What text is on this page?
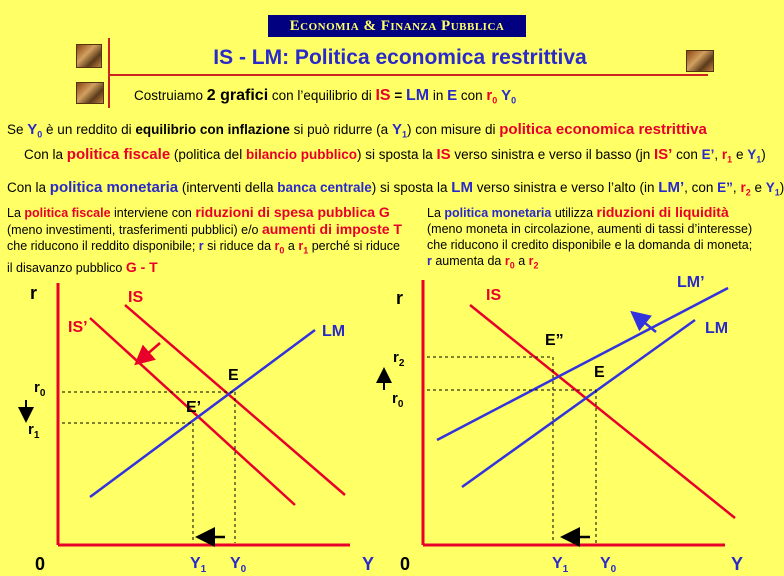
Economia & Finanza Pubblica
IS - LM: Politica economica restrittiva
Costruiamo 2 grafici con l’equilibrio di IS = LM in E con $r_0$ $Y_0$
Se $Y_0$ è un reddito di equilibrio con inflazione si può ridurre (a $Y_1$) con misure di politica economica restrittiva
Con la politica fiscale (politica del bilancio pubblico) si sposta la IS verso sinistra e verso il basso (jn IS’ con E’, $r_1$ e $Y_1$)
Con la politica monetaria (interventi della banca centrale) si sposta la LM verso sinistra e verso l’alto (in LM’, con E”, $r_2$ e $Y_1$)
La politica fiscale interviene con riduzioni di spesa pubblica G
(meno investimenti, trasferimenti pubblici) e/o aumenti di imposte T
che riducono il reddito disponibile; r si riduce da $r_0$ a $r_1$ perché si riduce
il disavanzo pubblico G - T
La politica monetaria utilizza riduzioni di liquidità
(meno moneta in circolazione, aumenti di tassi d’interesse)
che riducono il credito disponibile e la domanda di moneta;
r aumenta da $r_0$ a $r_2$
r
Y
0
IS
IS’	LM
E
E’
$r_0$
$r_1$
$Y_1$ $Y_0$
r
Y
0
IS
LM
LM’
E
E”
$r_2$
$r_0$
$Y_1$ $Y_0$
